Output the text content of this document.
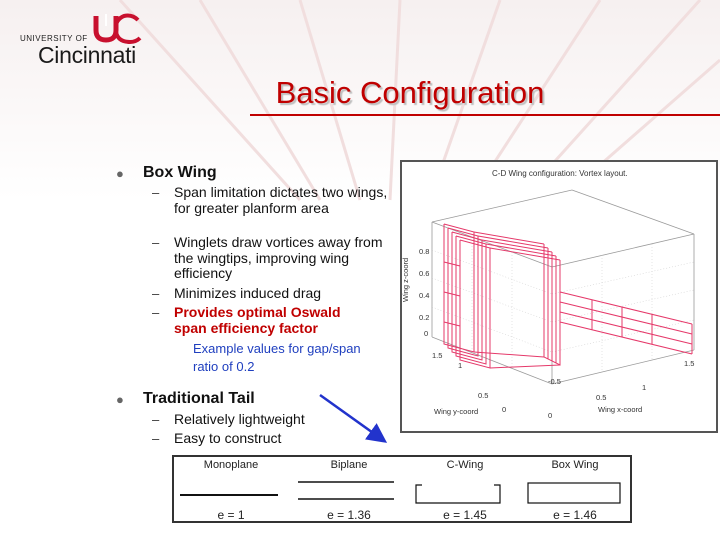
UNIVERSITY OF
Cincinnati
Basic Configuration
● Box Wing
– Span limitation dictates two wings, for greater planform area
– Winglets draw vortices away from the wingtips, improving wing efficiency
– Minimizes induced drag
– Provides optimal Oswald span efficiency factor
Example values for gap/span ratio of 0.2
● Traditional Tail
– Relatively lightweight
– Easy to construct
C-D Wing configuration: Vortex layout.
Wing z-coord
0.8
0.6
0.4
0.2
0
1.5
1
0.5
0
Wing y-coord
-0.5
0
0.5
1
1.5
Wing x-coord
Monoplane
e = 1
Biplane
e = 1.36
C-Wing
e = 1.45
Box Wing
e = 1.46
